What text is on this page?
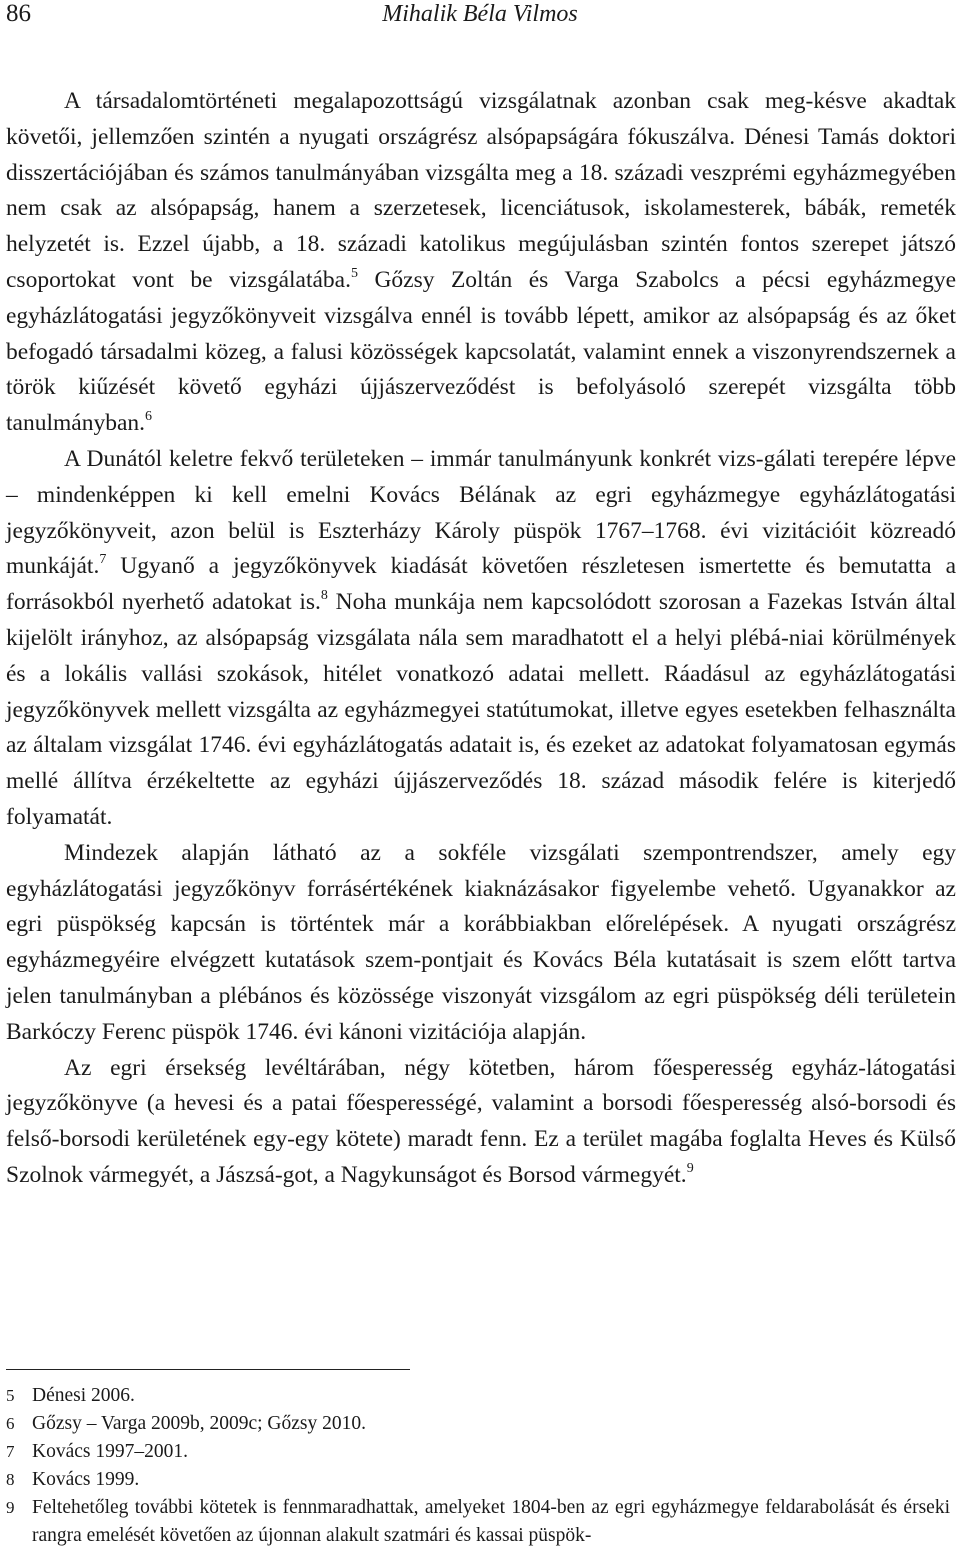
86	Mihalik Béla Vilmos

A társadalomtörténeti megalapozottságú vizsgálatnak azonban csak meg-késve akadtak követői, jellemzően szintén a nyugati országrész alsópapságára fókuszálva. Dénesi Tamás doktori disszertációjában és számos tanulmányában vizsgálta meg a 18. századi veszprémi egyházmegyében nem csak az alsópapság, hanem a szerzetesek, licenciátusok, iskolamesterek, bábák, remeték helyzetét is. Ezzel újabb, a 18. századi katolikus megújulásban szintén fontos szerepet játszó csoportokat vont be vizsgálatába.$^5$ Gőzsy Zoltán és Varga Szabolcs a pécsi egyházmegye egyházlátogatási jegyzőkönyveit vizsgálva ennél is tovább lépett, amikor az alsópapság és az őket befogadó társadalmi közeg, a falusi közösségek kapcsolatát, valamint ennek a viszonyrendszernek a török kiűzését követő egyházi újjászerveződést is befolyásoló szerepét vizsgálta több tanulmányban.$^6$

A Dunától keletre fekvő területeken – immár tanulmányunk konkrét vizs-gálati terepére lépve – mindenképpen ki kell emelni Kovács Bélának az egri egyházmegye egyházlátogatási jegyzőkönyveit, azon belül is Eszterházy Károly püspök 1767–1768. évi vizitációit közreadó munkáját.$^7$ Ugyanő a jegyzőkönyvek kiadását követően részletesen ismertette és bemutatta a forrásokból nyerhető adatokat is.$^8$ Noha munkája nem kapcsolódott szorosan a Fazekas István által kijelölt irányhoz, az alsópapság vizsgálata nála sem maradhatott el a helyi plébá-niai körülmények és a lokális vallási szokások, hitélet vonatkozó adatai mellett. Ráadásul az egyházlátogatási jegyzőkönyvek mellett vizsgálta az egyházmegyei statútumokat, illetve egyes esetekben felhasználta az általam vizsgálat 1746. évi egyházlátogatás adatait is, és ezeket az adatokat folyamatosan egymás mellé állítva érzékeltette az egyházi újjászerveződés 18. század második felére is kiterjedő folyamatát.

Mindezek alapján látható az a sokféle vizsgálati szempontrendszer, amely egy egyházlátogatási jegyzőkönyv forrásértékének kiaknázásakor figyelembe vehető. Ugyanakkor az egri püspökség kapcsán is történtek már a korábbiakban előrelépések. A nyugati országrész egyházmegyéire elvégzett kutatások szem-pontjait és Kovács Béla kutatásait is szem előtt tartva jelen tanulmányban a plébános és közössége viszonyát vizsgálom az egri püspökség déli területein Barkóczy Ferenc püspök 1746. évi kánoni vizitációja alapján.

Az egri érsekség levéltárában, négy kötetben, három főesperesség egyház-látogatási jegyzőkönyve (a hevesi és a patai főesperességé, valamint a borsodi főesperesség alsó-borsodi és felső-borsodi kerületének egy-egy kötete) maradt fenn. Ez a terület magába foglalta Heves és Külső Szolnok vármegyét, a Jászsá-got, a Nagykunságot és Borsod vármegyét.$^9$

5 Dénesi 2006.
6 Gőzsy – Varga 2009b, 2009c; Gőzsy 2010.
7 Kovács 1997–2001.
8 Kovács 1999.
9 Feltehetőleg további kötetek is fennmaradhattak, amelyeket 1804-ben az egri egyházmegye feldarabolását és érseki rangra emelését követően az újonnan alakult szatmári és kassai püspök-
